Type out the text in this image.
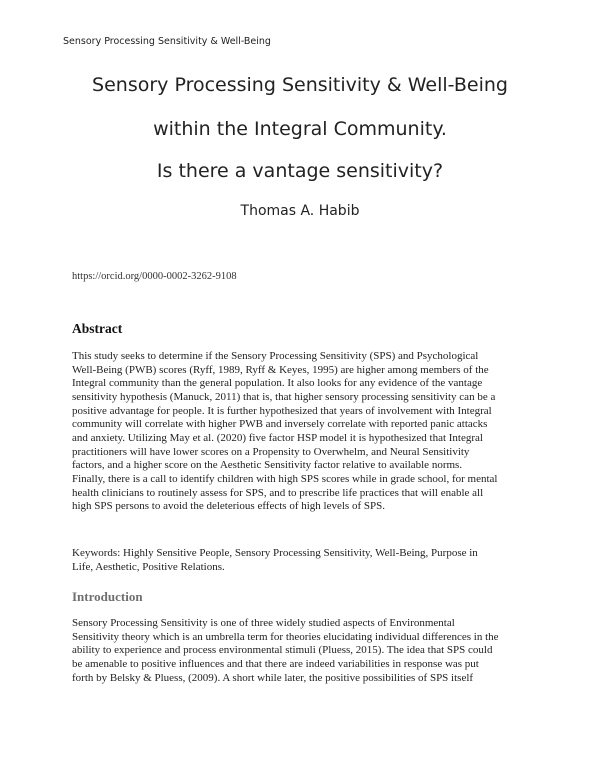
Sensory Processing Sensitivity & Well-Being
Sensory Processing Sensitivity & Well-Being
within the Integral Community.
Is there a vantage sensitivity?
Thomas A. Habib
https://orcid.org/0000-0002-3262-9108
Abstract
This study seeks to determine if the Sensory Processing Sensitivity (SPS) and Psychological
Well-Being (PWB) scores (Ryff, 1989, Ryff & Keyes, 1995) are higher among members of the
Integral community than the general population. It also looks for any evidence of the vantage
sensitivity hypothesis (Manuck, 2011) that is, that higher sensory processing sensitivity can be a
positive advantage for people. It is further hypothesized that years of involvement with Integral
community will correlate with higher PWB and inversely correlate with reported panic attacks
and anxiety. Utilizing May et al. (2020) five factor HSP model it is hypothesized that Integral
practitioners will have lower scores on a Propensity to Overwhelm, and Neural Sensitivity
factors, and a higher score on the Aesthetic Sensitivity factor relative to available norms.
Finally, there is a call to identify children with high SPS scores while in grade school, for mental
health clinicians to routinely assess for SPS, and to prescribe life practices that will enable all
high SPS persons to avoid the deleterious effects of high levels of SPS.
Keywords: Highly Sensitive People, Sensory Processing Sensitivity, Well-Being, Purpose in
Life, Aesthetic, Positive Relations.
Introduction
Sensory Processing Sensitivity is one of three widely studied aspects of Environmental
Sensitivity theory which is an umbrella term for theories elucidating individual differences in the
ability to experience and process environmental stimuli (Pluess, 2015). The idea that SPS could
be amenable to positive influences and that there are indeed variabilities in response was put
forth by Belsky & Pluess, (2009). A short while later, the positive possibilities of SPS itself
